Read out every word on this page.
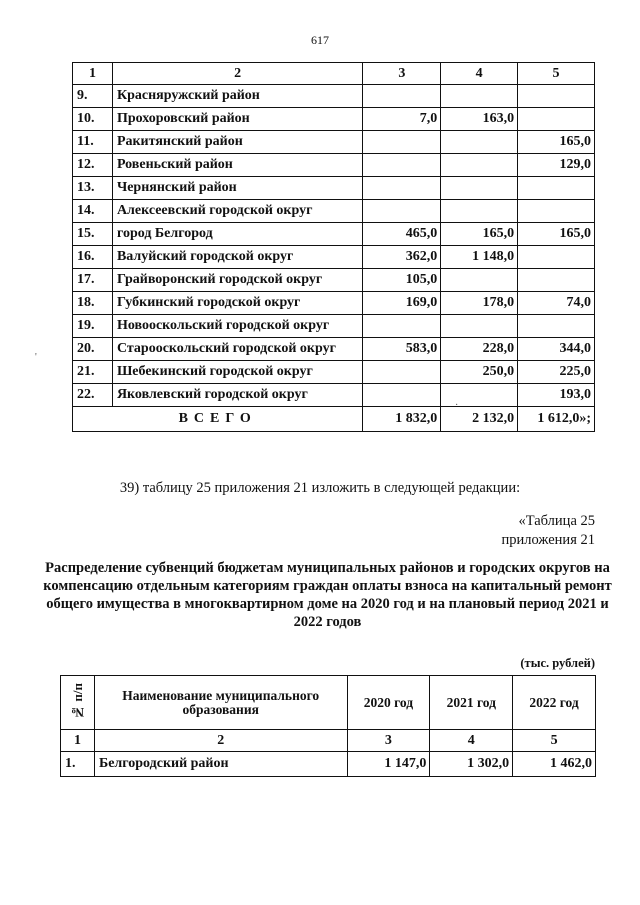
617
1	2	3	4	5
9.	Красняружский район			
10.	Прохоровский район	7,0	163,0	
11.	Ракитянский район			165,0
12.	Ровеньский район			129,0
13.	Чернянский район			
14.	Алексеевский городской округ			
15.	город Белгород	465,0	165,0	165,0
16.	Валуйский городской округ	362,0	1 148,0	
17.	Грайворонский городской округ	105,0		
18.	Губкинский городской округ	169,0	178,0	74,0
19.	Новооскольский городской округ			
20.	Старооскольский городской округ	583,0	228,0	344,0
21.	Шебекинский городской округ		250,0	225,0
22.	Яковлевский городской округ			193,0
ВСЕГО		1 832,0	2 132,0	1 612,0»;
39) таблицу 25 приложения 21 изложить в следующей редакции:
«Таблица 25
приложения 21
Распределение субвенций бюджетам муниципальных районов и городских округов на компенсацию отдельным категориям граждан оплаты взноса на капитальный ремонт общего имущества в многоквартирном доме на 2020 год и на плановый период 2021 и 2022 годов
(тыс. рублей)
№ п/п	Наименование муниципального образования	2020 год	2021 год	2022 год
1	2	3	4	5
1.	Белгородский район	1 147,0	1 302,0	1 462,0
'
·
